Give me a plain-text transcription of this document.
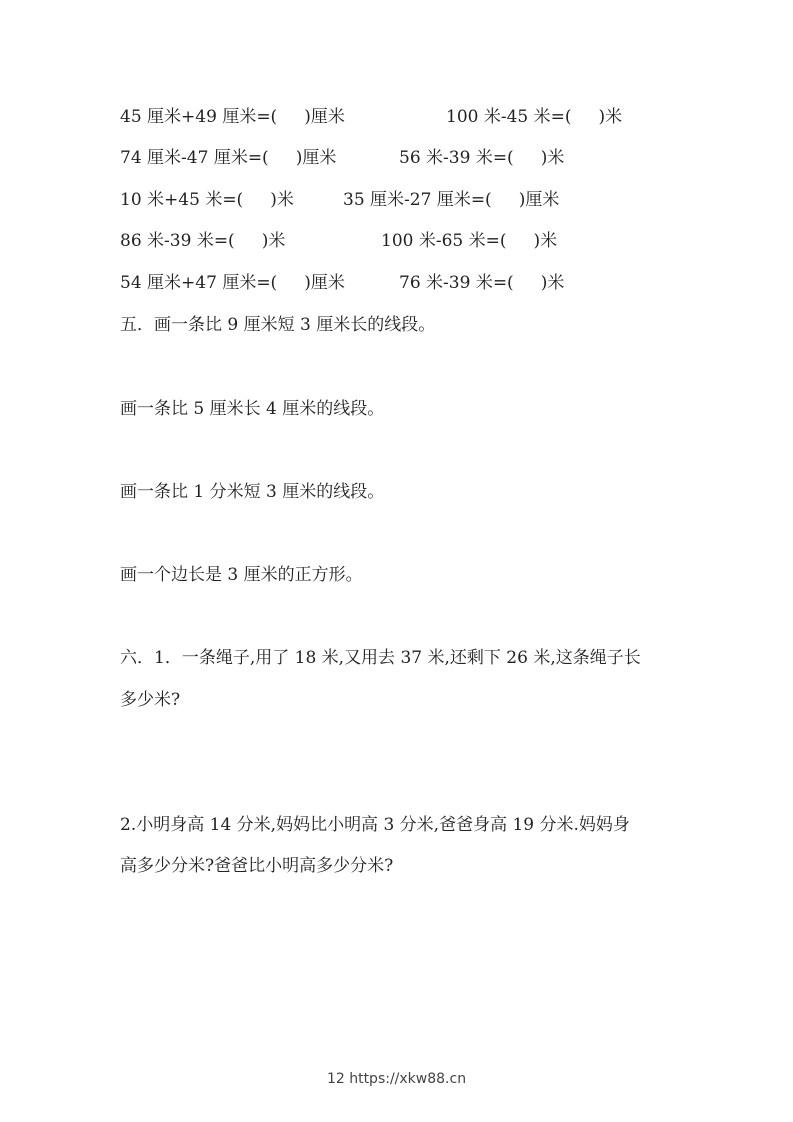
45 厘米+49 厘米=(     )厘米	100 米-45 米=(     )米
74 厘米-47 厘米=(     )厘米	56 米-39 米=(     )米
10 米+45 米=(     )米	35 厘米-27 厘米=(     )厘米
86 米-39 米=(     )米	100 米-65 米=(     )米
54 厘米+47 厘米=(     )厘米	76 米-39 米=(     )米
五．画一条比 9 厘米短 3 厘米长的线段。
画一条比 5 厘米长 4 厘米的线段。
画一条比 1 分米短 3 厘米的线段。
画一个边长是 3 厘米的正方形。
六．1．一条绳子,用了 18 米,又用去 37 米,还剩下 26 米,这条绳子长
多少米?
2.小明身高 14 分米,妈妈比小明高 3 分米,爸爸身高 19 分米.妈妈身
高多少分米?爸爸比小明高多少分米?
12 https://xkw88.cn
